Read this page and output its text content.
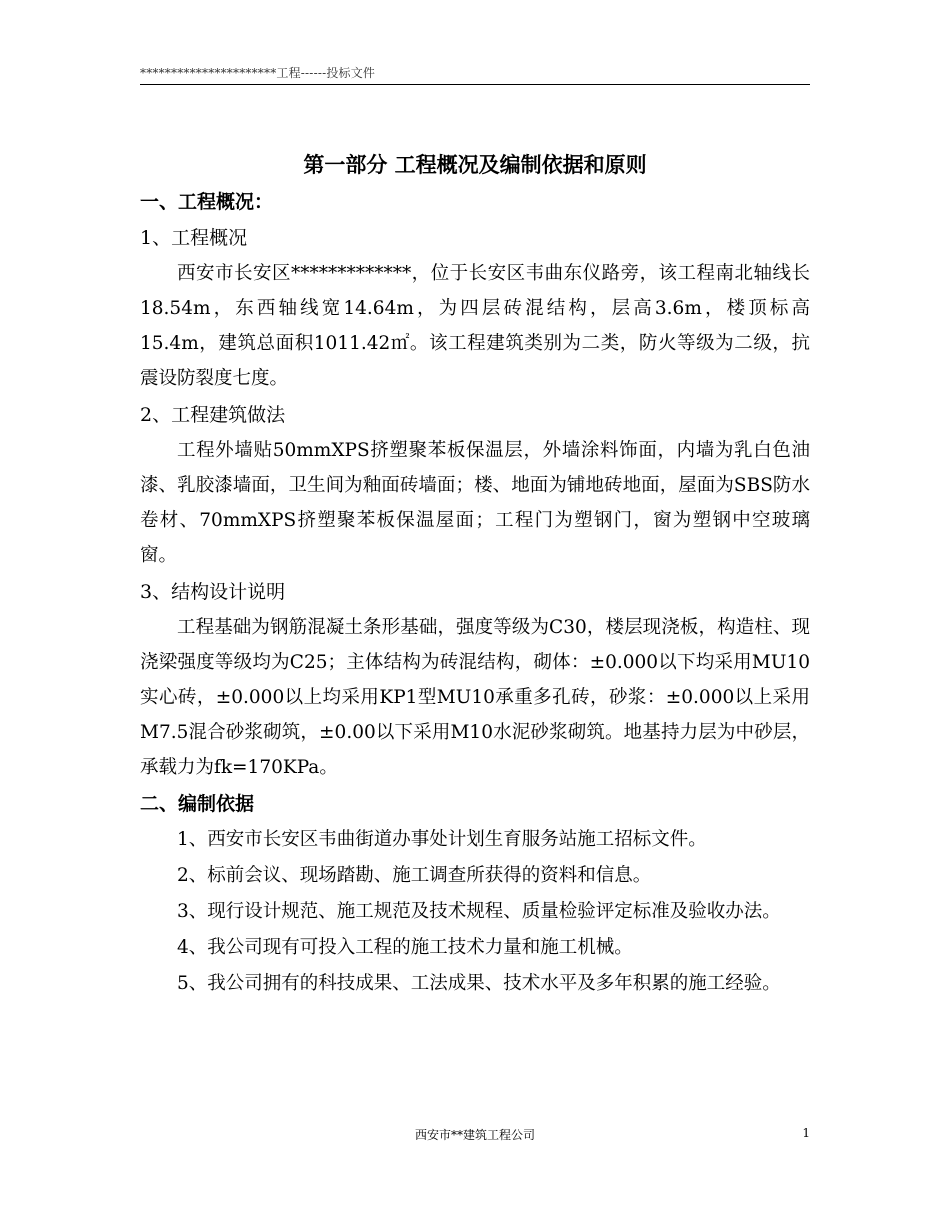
**********************工程------投标文件
第一部分 工程概况及编制依据和原则
一、工程概况：
1、工程概况
西安市长安区*************，位于长安区韦曲东仪路旁，该工程南北轴线长18.54m，东西轴线宽14.64m，为四层砖混结构，层高3.6m，楼顶标高15.4m，建筑总面积1011.42㎡。该工程建筑类别为二类，防火等级为二级，抗震设防裂度七度。
2、工程建筑做法
工程外墙贴50mmXPS挤塑聚苯板保温层，外墙涂料饰面，内墙为乳白色油漆、乳胶漆墙面，卫生间为釉面砖墙面；楼、地面为铺地砖地面，屋面为SBS防水卷材、70mmXPS挤塑聚苯板保温屋面；工程门为塑钢门，窗为塑钢中空玻璃窗。
3、结构设计说明
工程基础为钢筋混凝土条形基础，强度等级为C30，楼层现浇板，构造柱、现浇梁强度等级均为C25；主体结构为砖混结构，砌体：±0.000以下均采用MU10实心砖，±0.000以上均采用KP1型MU10承重多孔砖，砂浆：±0.000以上采用M7.5混合砂浆砌筑，±0.00以下采用M10水泥砂浆砌筑。地基持力层为中砂层，承载力为fk=170KPa。
二、编制依据
1、西安市长安区韦曲街道办事处计划生育服务站施工招标文件。
2、标前会议、现场踏勘、施工调查所获得的资料和信息。
3、现行设计规范、施工规范及技术规程、质量检验评定标准及验收办法。
4、我公司现有可投入工程的施工技术力量和施工机械。
5、我公司拥有的科技成果、工法成果、技术水平及多年积累的施工经验。
西安市**建筑工程公司	1
